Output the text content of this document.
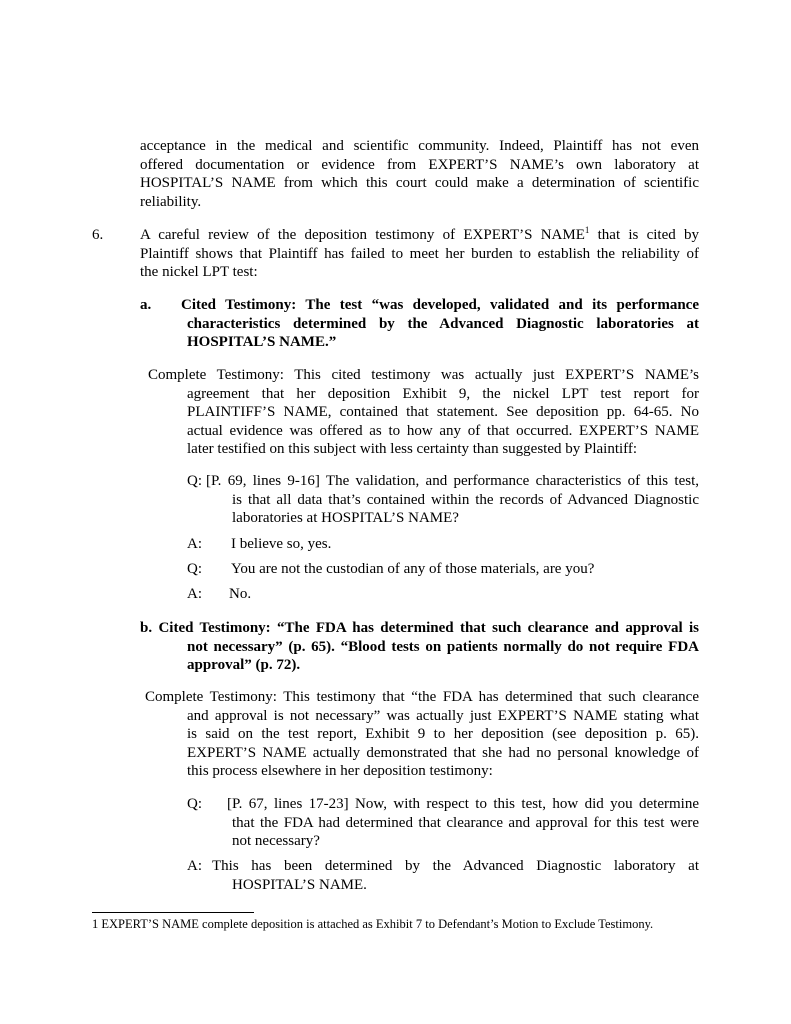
acceptance in the medical and scientific community. Indeed, Plaintiff has not even
offered documentation or evidence from EXPERT’S NAME’s own laboratory at
HOSPITAL’S NAME from which this court could make a determination of scientific
reliability.
6. A careful review of the deposition testimony of EXPERT’S NAME$^1$ that is cited by
Plaintiff shows that Plaintiff has failed to meet her burden to establish the reliability of
the nickel LPT test:
a. Cited Testimony: The test “was developed, validated and its performance
characteristics determined by the Advanced Diagnostic laboratories at
HOSPITAL’S NAME.”
Complete Testimony: This cited testimony was actually just EXPERT’S NAME’s
agreement that her deposition Exhibit 9, the nickel LPT test report for
PLAINTIFF’S NAME, contained that statement. See deposition pp. 64-65. No
actual evidence was offered as to how any of that occurred. EXPERT’S NAME
later testified on this subject with less certainty than suggested by Plaintiff:
Q: [P. 69, lines 9-16] The validation, and performance characteristics of this test,
is that all data that’s contained within the records of Advanced Diagnostic
laboratories at HOSPITAL’S NAME?
A: I believe so, yes.
Q: You are not the custodian of any of those materials, are you?
A: No.
b. Cited Testimony: “The FDA has determined that such clearance and approval is
not necessary” (p. 65). “Blood tests on patients normally do not require FDA
approval” (p. 72).
Complete Testimony: This testimony that “the FDA has determined that such clearance
and approval is not necessary” was actually just EXPERT’S NAME stating what
is said on the test report, Exhibit 9 to her deposition (see deposition p. 65).
EXPERT’S NAME actually demonstrated that she had no personal knowledge of
this process elsewhere in her deposition testimony:
Q: [P. 67, lines 17-23] Now, with respect to this test, how did you determine
that the FDA had determined that clearance and approval for this test were
not necessary?
A: This has been determined by the Advanced Diagnostic laboratory at
HOSPITAL’S NAME.
1 EXPERT’S NAME complete deposition is attached as Exhibit 7 to Defendant’s Motion to Exclude Testimony.
